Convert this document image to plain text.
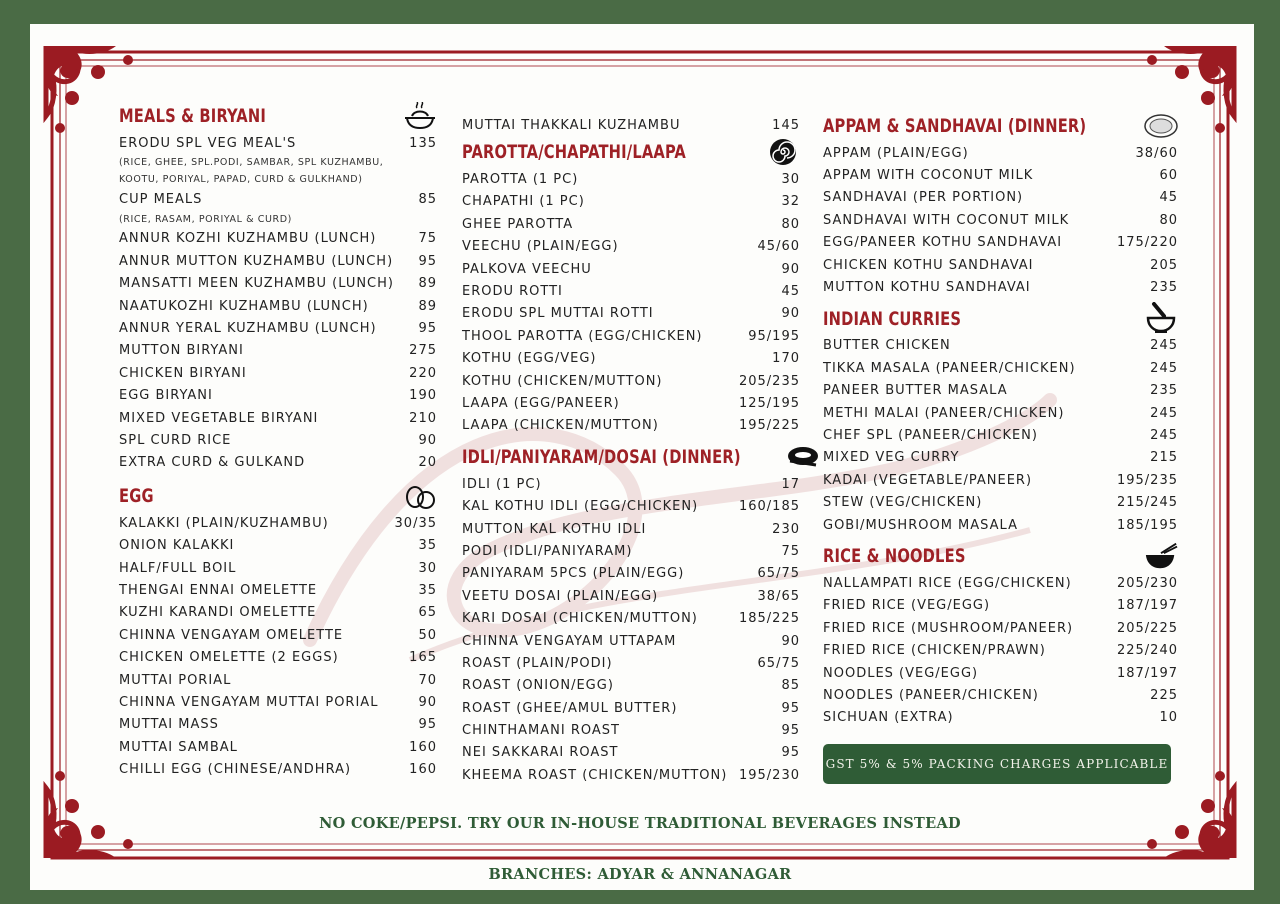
MEALS & BIRYANI
ERODU SPL VEG MEAL'S	135
(RICE, GHEE, SPL.PODI, SAMBAR, SPL KUZHAMBU,
KOOTU, PORIYAL, PAPAD, CURD & GULKHAND)
CUP MEALS	85
(RICE, RASAM, PORIYAL & CURD)
ANNUR KOZHI KUZHAMBU (LUNCH)	75
ANNUR MUTTON KUZHAMBU (LUNCH) 95
MANSATTI MEEN KUZHAMBU (LUNCH) 89
NAATUKOZHI KUZHAMBU (LUNCH)	89
ANNUR YERAL KUZHAMBU (LUNCH)	95
MUTTON BIRYANI	275
CHICKEN BIRYANI	220
EGG BIRYANI	190
MIXED VEGETABLE BIRYANI	210
SPL CURD RICE	90
EXTRA CURD & GULKAND	20
EGG
KALAKKI (PLAIN/KUZHAMBU)	30/35
ONION KALAKKI	35
HALF/FULL BOIL	30
THENGAI ENNAI OMELETTE	35
KUZHI KARANDI OMELETTE	65
CHINNA VENGAYAM OMELETTE	50
CHICKEN OMELETTE (2 EGGS)	165
MUTTAI PORIAL	70
CHINNA VENGAYAM MUTTAI PORIAL	90
MUTTAI MASS	95
MUTTAI SAMBAL	160
CHILLI EGG (CHINESE/ANDHRA)	160
MUTTAI THAKKALI KUZHAMBU	145
PAROTTA/CHAPATHI/LAAPA
PAROTTA (1 PC)	30
CHAPATHI (1 PC)	32
GHEE PAROTTA	80
VEECHU (PLAIN/EGG)	45/60
PALKOVA VEECHU	90
ERODU ROTTI	45
ERODU SPL MUTTAI ROTTI	90
THOOL PAROTTA (EGG/CHICKEN)	95/195
KOTHU (EGG/VEG)	170
KOTHU (CHICKEN/MUTTON)	205/235
LAAPA (EGG/PANEER)	125/195
LAAPA (CHICKEN/MUTTON)	195/225
IDLI/PANIYARAM/DOSAI (DINNER)
IDLI (1 PC)	17
KAL KOTHU IDLI (EGG/CHICKEN)	160/185
MUTTON KAL KOTHU IDLI	230
PODI (IDLI/PANIYARAM)	75
PANIYARAM 5PCS (PLAIN/EGG)	65/75
VEETU DOSAI (PLAIN/EGG)	38/65
KARI DOSAI (CHICKEN/MUTTON)	185/225
CHINNA VENGAYAM UTTAPAM	90
ROAST (PLAIN/PODI)	65/75
ROAST (ONION/EGG)	85
ROAST (GHEE/AMUL BUTTER)	95
CHINTHAMANI ROAST	95
NEI SAKKARAI ROAST	95
KHEEMA ROAST (CHICKEN/MUTTON) 195/230
APPAM & SANDHAVAI (DINNER)
APPAM (PLAIN/EGG)	38/60
APPAM WITH COCONUT MILK	60
SANDHAVAI (PER PORTION)	45
SANDHAVAI WITH COCONUT MILK	80
EGG/PANEER KOTHU SANDHAVAI	175/220
CHICKEN KOTHU SANDHAVAI	205
MUTTON KOTHU SANDHAVAI	235
INDIAN CURRIES
BUTTER CHICKEN	245
TIKKA MASALA (PANEER/CHICKEN)	245
PANEER BUTTER MASALA	235
METHI MALAI (PANEER/CHICKEN)	245
CHEF SPL (PANEER/CHICKEN)	245
MIXED VEG CURRY	215
KADAI (VEGETABLE/PANEER)	195/235
STEW (VEG/CHICKEN)	215/245
GOBI/MUSHROOM MASALA	185/195
RICE & NOODLES
NALLAMPATI RICE (EGG/CHICKEN)	205/230
FRIED RICE (VEG/EGG)	187/197
FRIED RICE (MUSHROOM/PANEER)	205/225
FRIED RICE (CHICKEN/PRAWN)	225/240
NOODLES (VEG/EGG)	187/197
NOODLES (PANEER/CHICKEN)	225
SICHUAN (EXTRA)	10
GST 5% & 5% PACKING CHARGES APPLICABLE
NO COKE/PEPSI. TRY OUR IN-HOUSE TRADITIONAL BEVERAGES INSTEAD
BRANCHES: ADYAR & ANNANAGAR
